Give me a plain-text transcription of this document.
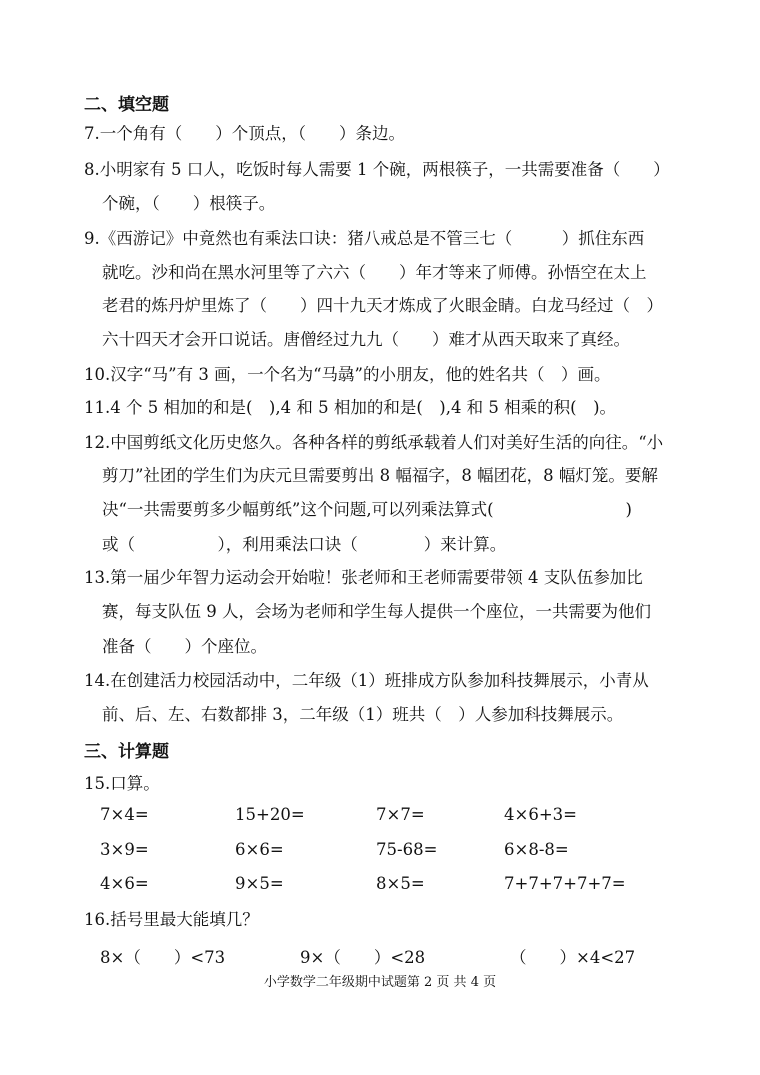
二、填空题
7.一个角有（　　）个顶点，（　　）条边。
8.小明家有 5 口人，吃饭时每人需要 1 个碗，两根筷子，一共需要准备（　　）
个碗，（　　）根筷子。
9.《西游记》中竟然也有乘法口诀：猪八戒总是不管三七（　　　）抓住东西
就吃。沙和尚在黑水河里等了六六（　　）年才等来了师傅。孙悟空在太上
老君的炼丹炉里炼了（　　）四十九天才炼成了火眼金睛。白龙马经过（　）
六十四天才会开口说话。唐僧经过九九（　　）难才从西天取来了真经。
10.汉字“马”有 3 画，一个名为“马骉”的小朋友，他的姓名共（　）画。
11.4 个 5 相加的和是(　),4 和 5 相加的和是(　),4 和 5 相乘的积(　)。
12.中国剪纸文化历史悠久。各种各样的剪纸承载着人们对美好生活的向往。“小
剪刀”社团的学生们为庆元旦需要剪出 8 幅福字，8 幅团花，8 幅灯笼。要解
决“一共需要剪多少幅剪纸”这个问题,可以列乘法算式(　　　　　　　　)
或（　　　　　），利用乘法口诀（　　　　）来计算。
13.第一届少年智力运动会开始啦！张老师和王老师需要带领 4 支队伍参加比
赛，每支队伍 9 人，会场为老师和学生每人提供一个座位，一共需要为他们
准备（　　）个座位。
14.在创建活力校园活动中，二年级（1）班排成方队参加科技舞展示，小青从
前、后、左、右数都排 3，二年级（1）班共（　）人参加科技舞展示。
三、计算题
15.口算。
7×4=	15+20=	7×7=	4×6+3=
3×9=	6×6=	75-68=	6×8-8=
4×6=	9×5=	8×5=	7+7+7+7+7=
16.括号里最大能填几？
8×（　　）<73	9×（　　）<28	（　　）×4<27
小学数学二年级期中试题第 2 页 共 4 页
